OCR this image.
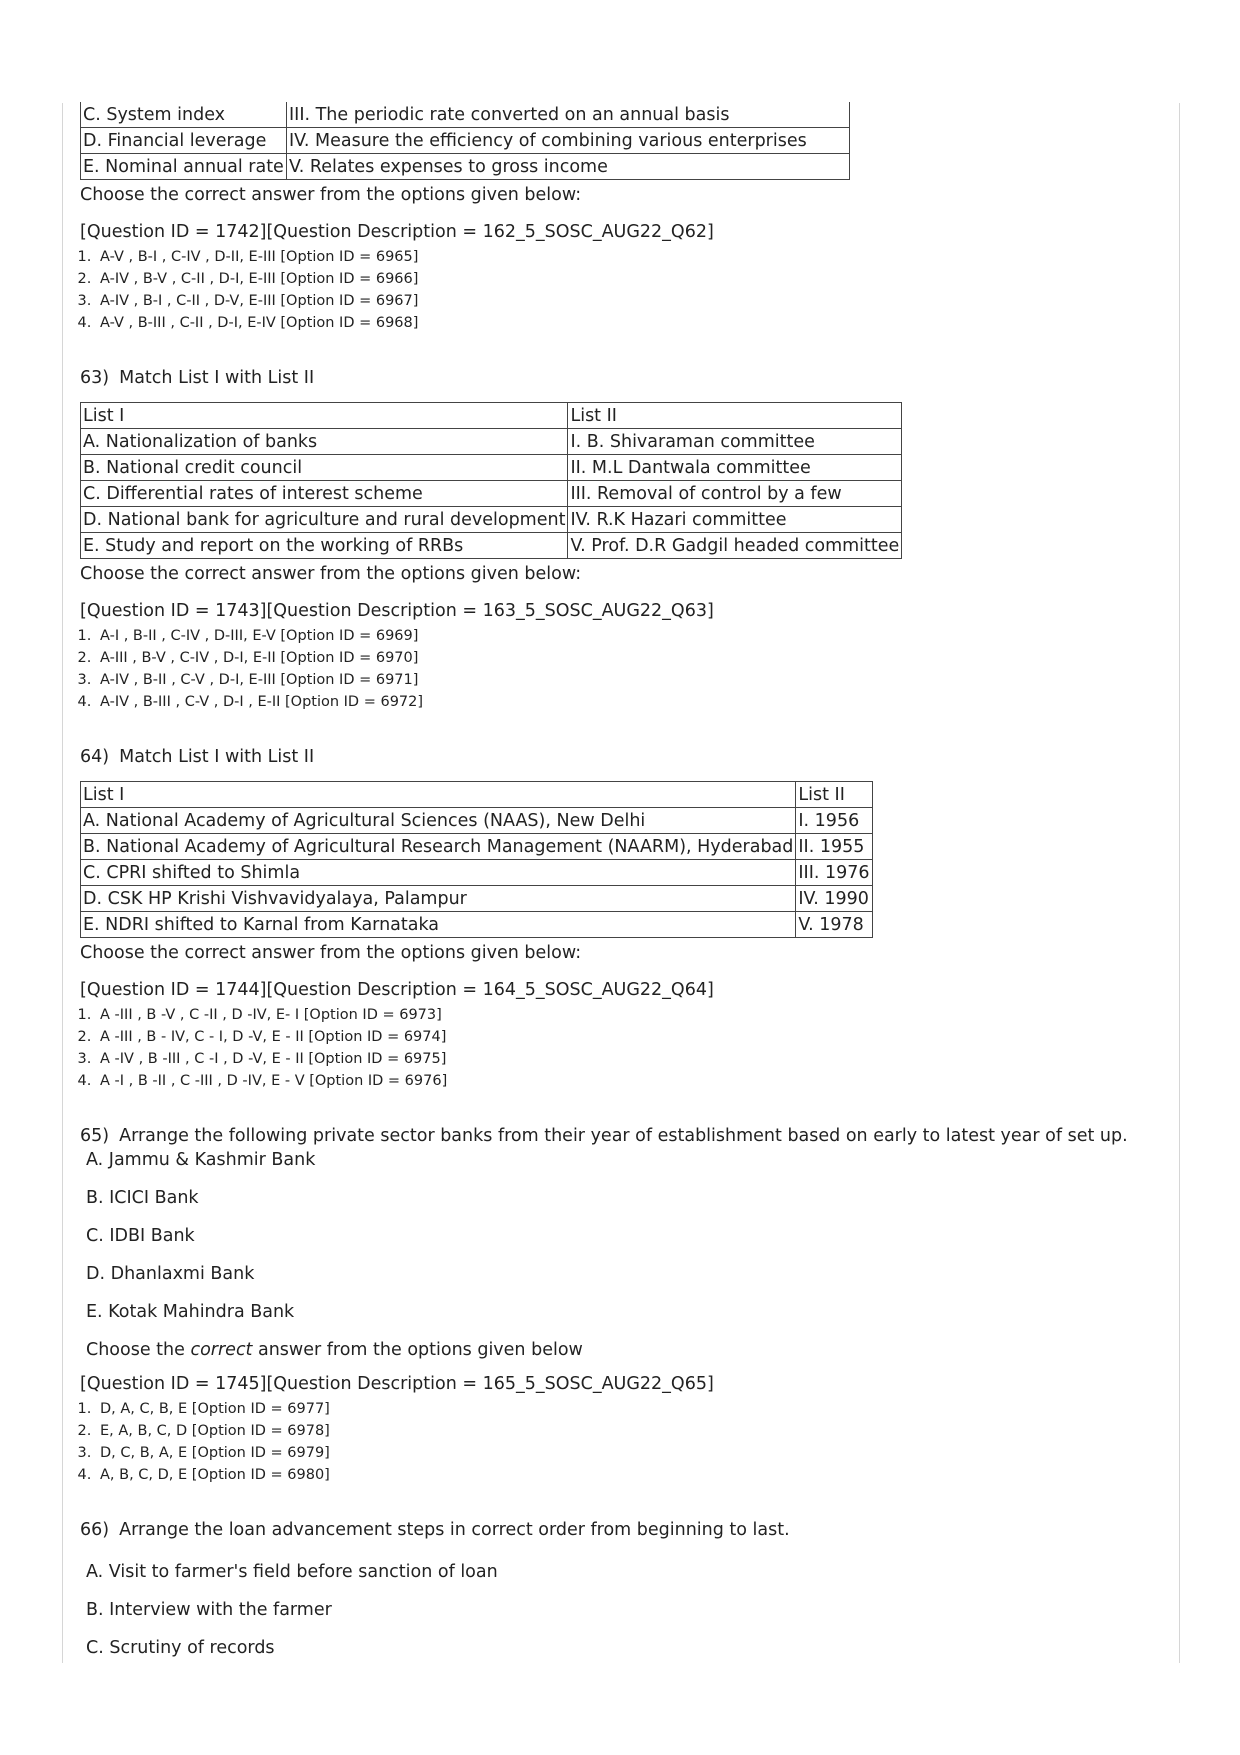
C. System index	III. The periodic rate converted on an annual basis
D. Financial leverage	IV. Measure the efficiency of combining various enterprises
E. Nominal annual rate	V. Relates expenses to gross income
Choose the correct answer from the options given below:
[Question ID = 1742][Question Description = 162_5_SOSC_AUG22_Q62]
1. A-V , B-I , C-IV , D-II, E-III [Option ID = 6965]
2. A-IV , B-V , C-II , D-I, E-III [Option ID = 6966]
3. A-IV , B-I , C-II , D-V, E-III [Option ID = 6967]
4. A-V , B-III , C-II , D-I, E-IV [Option ID = 6968]
63) Match List I with List II
List I	List II
A. Nationalization of banks	I. B. Shivaraman committee
B. National credit council	II. M.L Dantwala committee
C. Differential rates of interest scheme	III. Removal of control by a few
D. National bank for agriculture and rural development	IV. R.K Hazari committee
E. Study and report on the working of RRBs	V. Prof. D.R Gadgil headed committee
Choose the correct answer from the options given below:
[Question ID = 1743][Question Description = 163_5_SOSC_AUG22_Q63]
1. A-I , B-II , C-IV , D-III, E-V [Option ID = 6969]
2. A-III , B-V , C-IV , D-I, E-II [Option ID = 6970]
3. A-IV , B-II , C-V , D-I, E-III [Option ID = 6971]
4. A-IV , B-III , C-V , D-I , E-II [Option ID = 6972]
64) Match List I with List II
List I	List II
A. National Academy of Agricultural Sciences (NAAS), New Delhi	I. 1956
B. National Academy of Agricultural Research Management (NAARM), Hyderabad	II. 1955
C. CPRI shifted to Shimla	III. 1976
D. CSK HP Krishi Vishvavidyalaya, Palampur	IV. 1990
E. NDRI shifted to Karnal from Karnataka	V. 1978
Choose the correct answer from the options given below:
[Question ID = 1744][Question Description = 164_5_SOSC_AUG22_Q64]
1. A -III , B -V , C -II , D -IV, E- I [Option ID = 6973]
2. A -III , B - IV, C - I, D -V, E - II [Option ID = 6974]
3. A -IV , B -III , C -I , D -V, E - II [Option ID = 6975]
4. A -I , B -II , C -III , D -IV, E - V [Option ID = 6976]
65) Arrange the following private sector banks from their year of establishment based on early to latest year of set up.
A. Jammu & Kashmir Bank
B. ICICI Bank
C. IDBI Bank
D. Dhanlaxmi Bank
E. Kotak Mahindra Bank
Choose the correct answer from the options given below
[Question ID = 1745][Question Description = 165_5_SOSC_AUG22_Q65]
1. D, A, C, B, E [Option ID = 6977]
2. E, A, B, C, D [Option ID = 6978]
3. D, C, B, A, E [Option ID = 6979]
4. A, B, C, D, E [Option ID = 6980]
66) Arrange the loan advancement steps in correct order from beginning to last.
A. Visit to farmer's field before sanction of loan
B. Interview with the farmer
C. Scrutiny of records
